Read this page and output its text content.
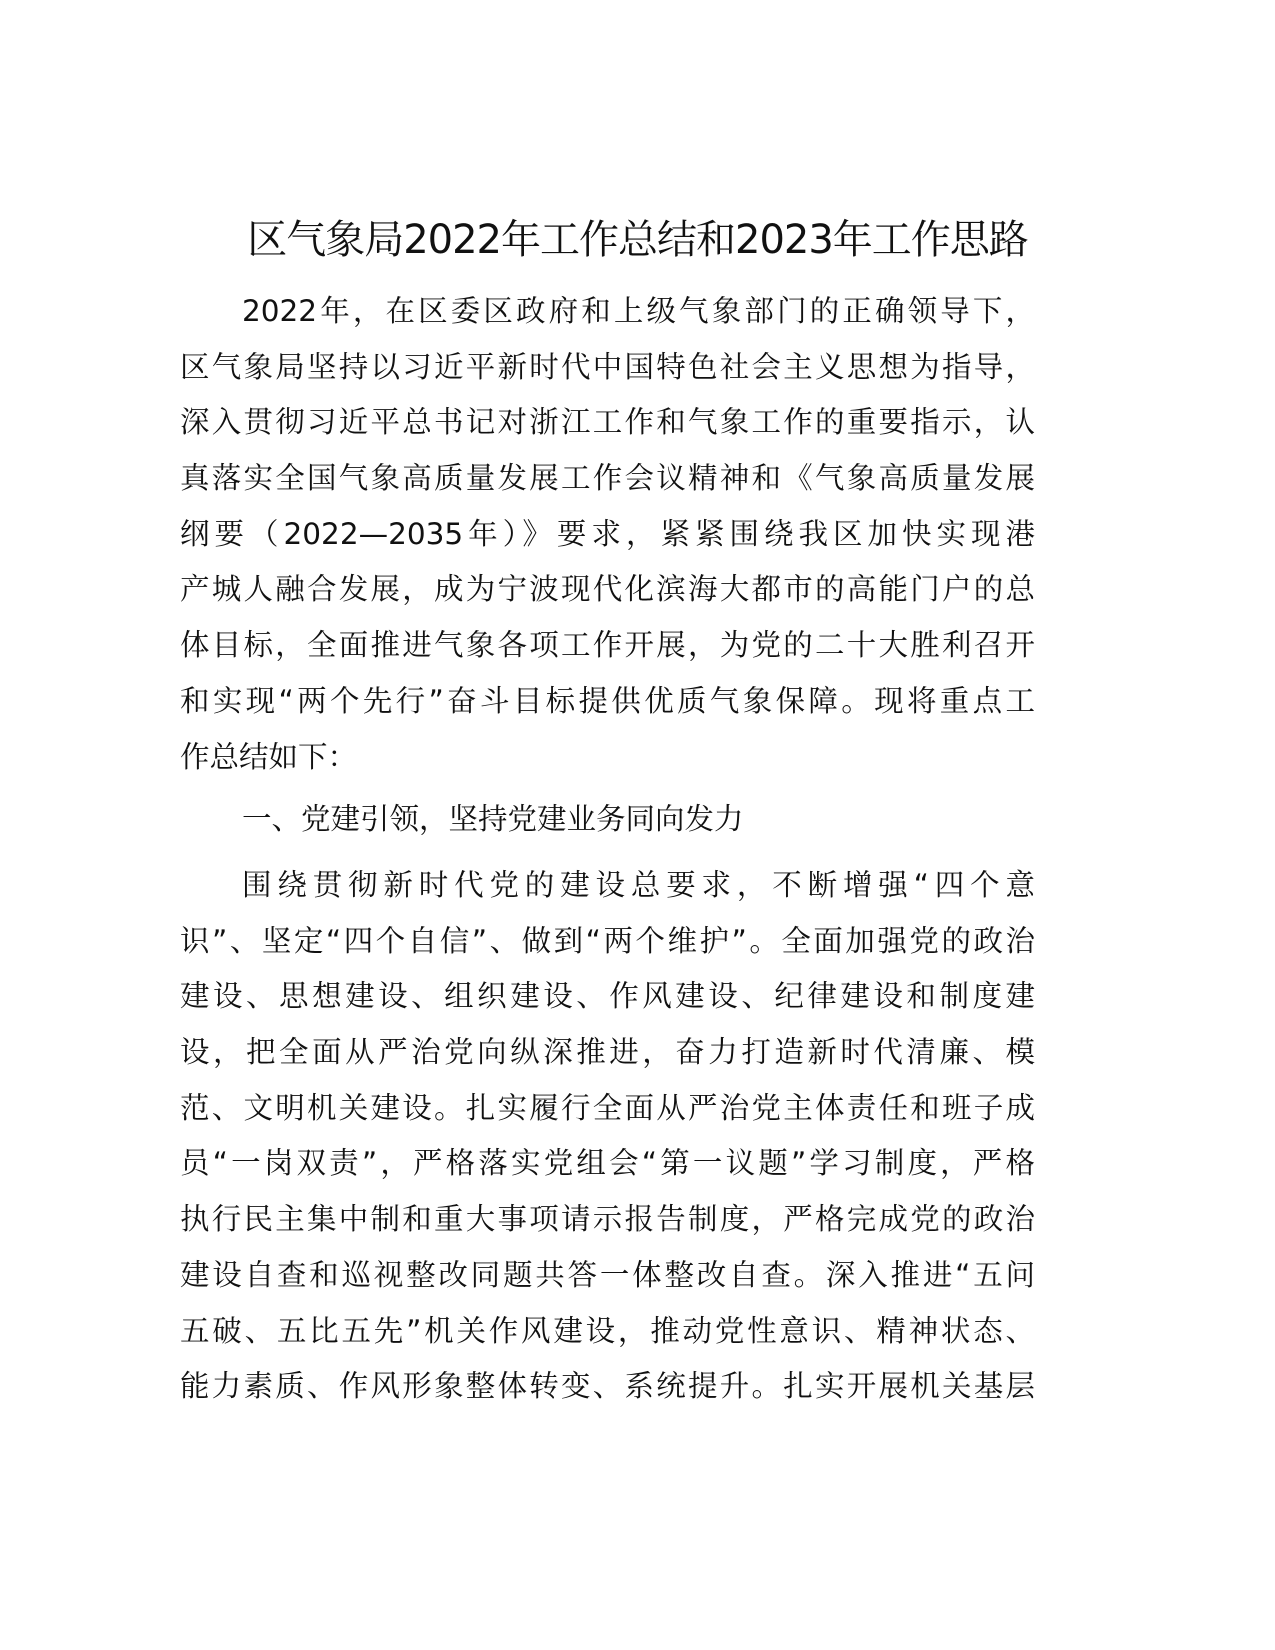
区气象局2022年工作总结和2023年工作思路
2022年，在区委区政府和上级气象部门的正确领导下，
区气象局坚持以习近平新时代中国特色社会主义思想为指导，
深入贯彻习近平总书记对浙江工作和气象工作的重要指示，认
真落实全国气象高质量发展工作会议精神和《气象高质量发展
纲要（2022—2035年）》要求，紧紧围绕我区加快实现港
产城人融合发展，成为宁波现代化滨海大都市的高能门户的总
体目标，全面推进气象各项工作开展，为党的二十大胜利召开
和实现“两个先行”奋斗目标提供优质气象保障。现将重点工
作总结如下：
一、党建引领，坚持党建业务同向发力
围绕贯彻新时代党的建设总要求，不断增强“四个意
识”、坚定“四个自信”、做到“两个维护”。全面加强党的政治
建设、思想建设、组织建设、作风建设、纪律建设和制度建
设，把全面从严治党向纵深推进，奋力打造新时代清廉、模
范、文明机关建设。扎实履行全面从严治党主体责任和班子成
员“一岗双责”，严格落实党组会“第一议题”学习制度，严格
执行民主集中制和重大事项请示报告制度，严格完成党的政治
建设自查和巡视整改同题共答一体整改自查。深入推进“五问
五破、五比五先”机关作风建设，推动党性意识、精神状态、
能力素质、作风形象整体转变、系统提升。扎实开展机关基层
